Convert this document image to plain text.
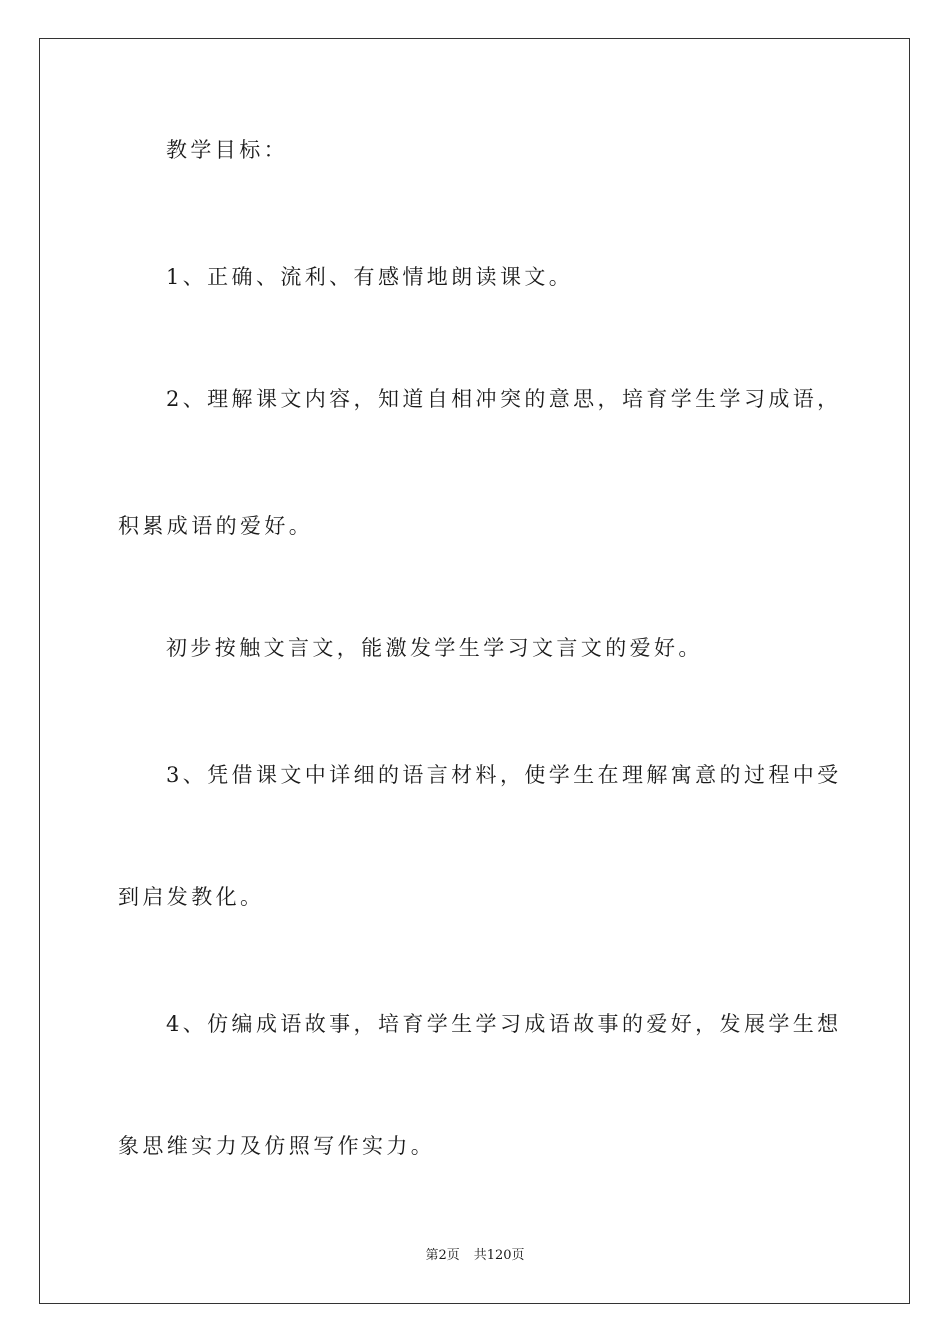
教学目标：
1、正确、流利、有感情地朗读课文。
2、理解课文内容，知道自相冲突的意思，培育学生学习成语，
积累成语的爱好。
初步按触文言文，能激发学生学习文言文的爱好。
3、凭借课文中详细的语言材料，使学生在理解寓意的过程中受
到启发教化。
4、仿编成语故事，培育学生学习成语故事的爱好，发展学生想
象思维实力及仿照写作实力。
第2页 共120页
